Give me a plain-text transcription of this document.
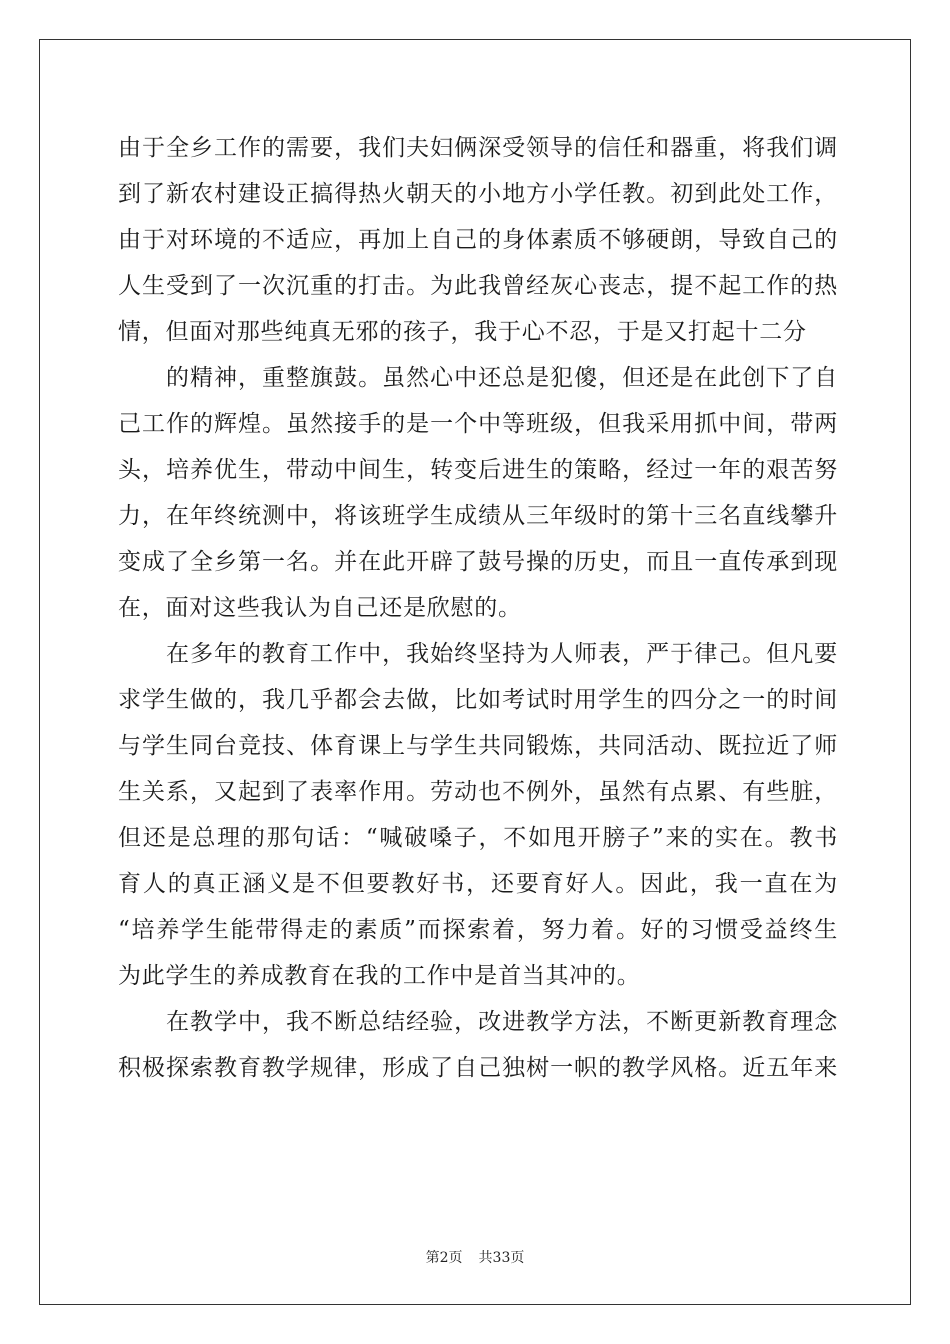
由于全乡工作的需要，我们夫妇俩深受领导的信任和器重，将我们调
到了新农村建设正搞得热火朝天的小地方小学任教。初到此处工作，
由于对环境的不适应，再加上自己的身体素质不够硬朗，导致自己的
人生受到了一次沉重的打击。为此我曾经灰心丧志，提不起工作的热
情，但面对那些纯真无邪的孩子，我于心不忍，于是又打起十二分
的精神，重整旗鼓。虽然心中还总是犯傻，但还是在此创下了自
己工作的辉煌。虽然接手的是一个中等班级，但我采用抓中间，带两
头，培养优生，带动中间生，转变后进生的策略，经过一年的艰苦努
力，在年终统测中，将该班学生成绩从三年级时的第十三名直线攀升
变成了全乡第一名。并在此开辟了鼓号操的历史，而且一直传承到现
在，面对这些我认为自己还是欣慰的。
在多年的教育工作中，我始终坚持为人师表，严于律己。但凡要
求学生做的，我几乎都会去做，比如考试时用学生的四分之一的时间
与学生同台竞技、体育课上与学生共同锻炼，共同活动、既拉近了师
生关系，又起到了表率作用。劳动也不例外，虽然有点累、有些脏，
但还是总理的那句话：“喊破嗓子，不如甩开膀子”来的实在。教书
育人的真正涵义是不但要教好书，还要育好人。因此，我一直在为
“培养学生能带得走的素质”而探索着，努力着。好的习惯受益终生
为此学生的养成教育在我的工作中是首当其冲的。
在教学中，我不断总结经验，改进教学方法，不断更新教育理念
积极探索教育教学规律，形成了自己独树一帜的教学风格。近五年来
第2页 共33页
